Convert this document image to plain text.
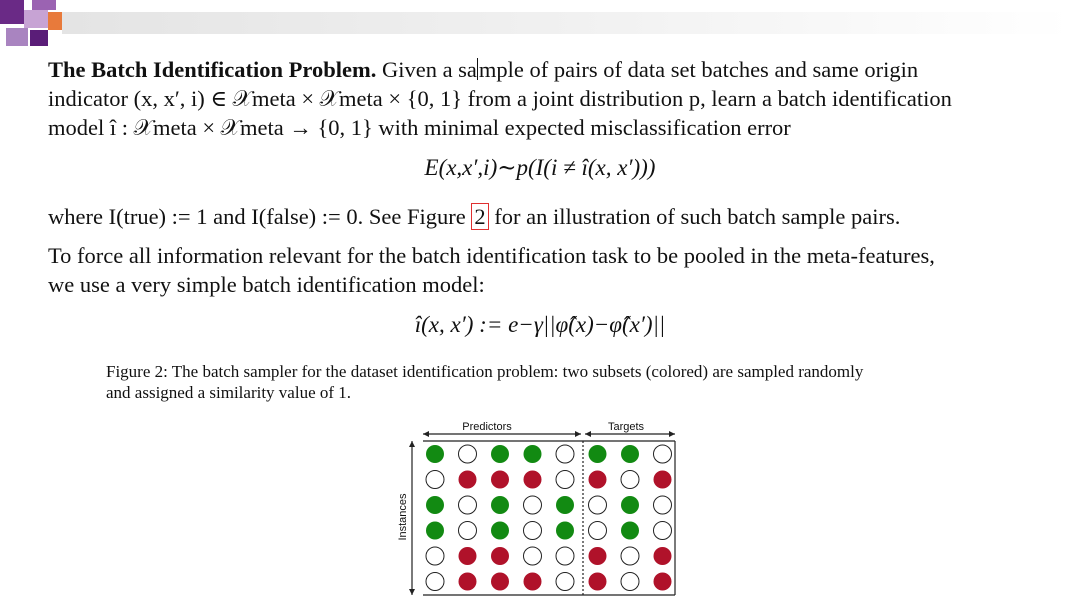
The Batch Identification Problem. Given a sample of pairs of data set batches and same origin
indicator (x, x′, i) ∈ 𝒳meta × 𝒳meta × {0, 1} from a joint distribution p, learn a batch identification
model î : 𝒳meta × 𝒳meta → {0, 1} with minimal expected misclassification error

E(x,x′,i)∼p(I(i ≠ î(x, x′)))

where I(true) := 1 and I(false) := 0. See Figure 2 for an illustration of such batch sample pairs.

To force all information relevant for the batch identification task to be pooled in the meta-features,
we use a very simple batch identification model:

î(x, x′) := e−γ||φ̂(x)−φ̂(x′)||

Figure 2: The batch sampler for the dataset identification problem: two subsets (colored) are sampled randomly
and assigned a similarity value of 1.

Predictors	Targets
Instances
